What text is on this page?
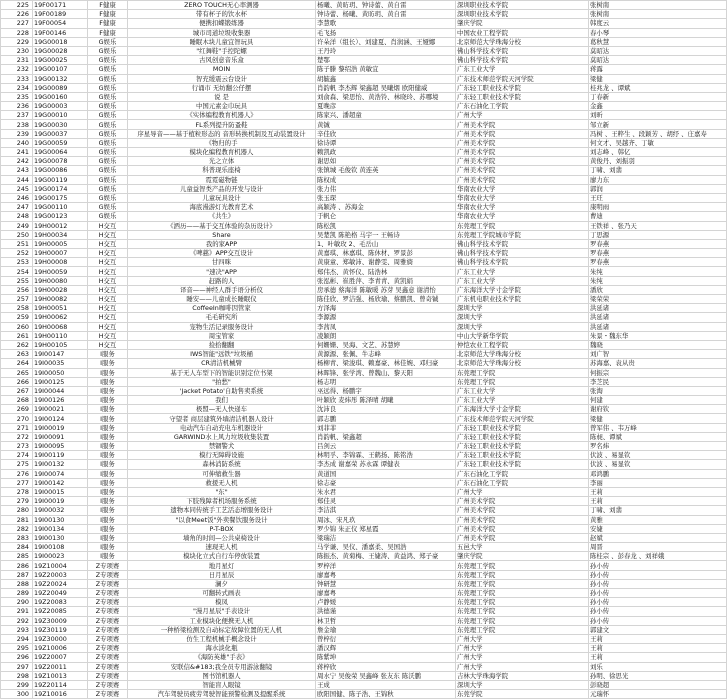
225	19F00171	F健康	ZERO TOUCH无心率测器	杨曦、黄昉玥、钟诗蕾、黄自雷	深圳职业技术学院	张树南
226	19F00189	F健康	带有杯子的饮水杯	钟诗蕾、杨曦、黄昉玥、黄自雷	深圳职业技术学院	张树南
227	19F00054	F健康	便携扣蝶锻练器	李慧歌	肇庆学院	韩度云
228	19F00146	F健康	城市司道垃圾收集器	毛飞扬	中国农业工程学院	春小琴
229	19G00018	G娱乐	睡眠木块儿童宜智玩具	许朵洋（组长）、刘建夏、肖润涵、王娅娜	北京师范大学珠海分校	葛秋慧
230	19G00028	G娱乐	"红舞鞋"手控陀螺	王丹玲	佛山科学技术学院	莫昭达
231	19G00025	G娱乐	古风创意音乐盒	楚鄂	佛山科学技术学院	莫昭达
232	19G00107	G娱乐	MOIN	陈子滕 黎绍浩 黄敏宜	广东工业大学	蒋露
233	19G00132	G娱乐	智充缓震云台设计	胡毓鑫	广东技术师范学院天河学院	梁健
234	19G00089	G娱乐	行诵市 无纺翻公仔摆	肖韵帆 李杰辉 梁鑫超 吴曦烟 欧阳健威	广东轻工职业技术学院	桂兆龙 、谭斌
235	19G00160	G娱乐	说 是	刘俞森、梁思怡、黄浩铃、林晓玲、苏哪境	广东轻工职业技术学院	丁春新
236	19G00003	G娱乐	中国元素金巾玩具	夏晚彦	广东石油化工学院	金鑫
237	19G00010	G娱乐	《实体编程教育机器人》	陈家兴、潘超童	广州大学	刘昕
238	19G00030	G娱乐	FL系列提升防蚤鞋	黄铖	广州美术学院	邹立新
239	19G00037	G娱乐	序星导音——基于植粒形态的 音形转换机制及互动装置设计	辛佳欣	广州美术学院	冯树 、王粹生 、段颖芳 、胡纾 、庄嘉寿
240	19G00059	G娱乐	《物归的手	徐诗谭	广州美术学院	何文才、吴越齐、丁敏
241	19G00064	G娱乐	模块化编程教育机器人	赖凯政	广州美术学院	刘志峰 、韩亿
242	19G00078	G娱乐	光之立体	谢思如	广州美术学院	黄俊丹、刘振羽
243	19G00086	G娱乐	科普现乐座椅	张镇城 毛俊钦 黄连英	广州美术学院	丁啸、刘翡
244	19G00119	G娱乐	霓霓磁物链	陈权成	广州美术学院	廖力东
245	19G00174	G娱乐	儿童益智类产品的开发与设计	张力伟	华南农业大学	郭润
246	19G00175	G娱乐	儿童玩具设计	张玉琛	华南农业大学	王玨
247	19G00110	G娱乐	海底漫游灯光教育艺术	高颖涛 、苏海金	华南农业大学	康明雨
248	19G00123	G娱乐	《共生》	于帆仑	华南农业大学	曹迪
249	19H00012	H交互	《洒历——基于交互体验的杂历设计》	陈松凯	东莞理工学院	王铁祥 、张乃天
250	19H00034	H交互	Share	吴楚凯 陈艳格 马宇一 王畅诗	东莞理工学院城市学院	丁思源
251	19H00005	H交互	我的家APP	1、叶敏玫 2、毛岳山	佛山科学技术学院	罗春燕
252	19H00007	H交互	《啤慈》APP交互设计	黄嘉琪、林嘉琪、陈休材、罗景彭	佛山科学技术学院	罗春燕
253	19H00008	H交互	甘四咪	黄康童、郑敏沛、谢静雯、周雅旖	佛山科学技术学院	罗春燕
254	19H00059	H交互	"速决"APP	郑伟杰、黄怀仪、陆浩林	广东工业大学	朱纯
255	19H00080	H交互	赶路的人	张泓彬、崔胜萍、李青青、黄凯娟	广东工业大学	朱纯
256	19H00028	H交互	译音——神经人群手语分析仪	房承德 蔡海洋 陈敏暖 苏芽 吴鑫意 谢清怡	广东海洋大学寸金学院	潘欣
257	19H00082	H交互	睡安——儿童成长睡眠仪	陈佳欣、罗洁强、杨欣瑜、蔡鹏凯、曾奇铖	广东机电职业技术学院	梁荣荣
258	19H00051	H交互	CoffeeIn咖啡因管家	方泽海	深圳大学	洪延诸
259	19H00062	H交互	毛毛研究所	李源源	深圳大学	洪延诸
260	19H00068	H交互	宠物生活记录服务设计	李茜凤	深圳大学	洪延诸
261	19H00110	H交互	周宝管家	凌颖朗	中山大学新华学院	朱景・魏东华
262	19H00105	H交互	捡拾翻翻	何姗姗、吴海、文艺、苏慧婷	仲恺农业工程学院	魏晓
263	19I00147	I服务	IWS智能"远铁"垃圾桶	黄源源、张佩、牛志峰	北京师范大学珠海分校	刘广智
264	19I00035	I服务	CR清洁机械臂	杨柳青、梁浚琪、赖嘉豪、林佳婉、邓归豪	北京师范大学珠海分校	苏海嘉、袁从贵
265	19I00050	I服务	基于无人车型下的智能识别定位书架	林晖锋、张学湾、曾魏山、黎天阳	东莞理工学院	何振宗
266	19I00125	I服务	"拍愁"	杨志明	东莞理工学院	李芝民
267	19I00044	I服务	'Jacket Potato'自助售卖系统	巫远得、杨鹏宇	广东工业大学	张淘
268	19I00126	I服务	我们	叶颖欣 麦炜彤 陈泽晴 胡曦	广东工业大学	何建
269	19I00021	I服务	极盟—无人快递车	沈沛良	广东海洋大学寸金学院	谢府钦
270	19I00124	I服务	守望者 商层建筑外墙清洁机器人设计	郭志鹏	广东技术师范学院天河学院	梁健
271	19I00019	I服务	电动汽车自动充电车机器设计	刘菲菲	广东轻工职业技术学院	曾军伟 、韦万峰
272	19I00091	I服务	GARWIND水上风力垃圾收集装置	肖韵帆、梁鑫超	广东轻工职业技术学院	陈昶、谭斌
273	19I00095	I服务	禁锢警犬	吕剑云	广东轻工职业技术学院	罗名炜
274	19I00119	I服务	模行无障碍设施	林明孚、李锦霖、王鹤扬、陈铭浩	广东轻工职业技术学院	伏波 、易显钦
275	19I00132	I服务	森林消防系统	李杰成 谢嘉荣 苏永霖 谭健表	广东轻工职业技术学院	伏波 、易显钦
276	19I00074	I服务	可伸缩救生器	黄道国	广东石油化工学院	邓鸿鹏
277	19I00142	I服务	救援无人机	徐志豪	广东石油化工学院	李丽
278	19I00015	I服务	"东"	朱水君	广州大学	王莉
279	19I00019	I服务	下肢残障者机场服务系统	郑佳灵	广州美术学院	王莉
280	19I00032	I服务	遗物本同传统手工艺活态增服务设计	李洁淇	广州美术学院	丁啸、刘翡
281	19I00130	I服务	"以食Meet饭"外卖餐饮服务设计	周冰、宋凡玖	广州美术学院	黄雅
282	19I00134	I服务	P-T-BOX	罗少锦 朱正仪 郑星霞	广州美术学院	安婕
283	19I00130	I服务	墙角的时间—公共桌椅设计	梁瑞洁	广州美术学院	赵斌
284	19I00108	I服务	速现无人机	马学谦、吴仪、潘嘉柔、吴国浩	五邑大学	周晋
285	19I00023	I服务	模块化立式自行车停放装置	陈振杰、黄菊梅、王婕涛、黄益鸿、郑子豪	肇庆学院	陈桂宗 、彭春龙 、刘祥娥
286	19Z10004	Z专项赛	地月星灯	罗梓洋	东莞理工学院	孙小传
287	19Z20003	Z专项赛	日月星辰	廖嘉粤	东莞理工学院	孙小传
288	19Z20024	Z专项赛	澜夕	钟研慧	东莞理工学院	孙小传
289	19Z20049	Z专项赛	可翻转式画表	廖嘉粤	东莞理工学院	孙小传
290	19Z20083	Z专项赛	模凤	卢静媛	东莞理工学院	孙小传
291	19Z20085	Z专项赛	"漫月星辰"手表设计	洪德谨	东莞理工学院	孙小传
292	19Z30009	Z专项赛	工业模块化便携无人机	林卫哲	东莞理工学院	孙小传
293	19Z30119	Z专项赛	一种桥梁检测及自动标定故障位置的无人机	詹金瑜	东莞理工学院	郭建文
294	19Z30000	Z专项赛	仿生工程机械手概念设计	曾梓衍	广州大学	王莉
295	19Z10006	Z专项赛	海水淡化瓶	潘汉辉	广州大学	王莉
296	19Z20007	Z专项赛	《海防英雄"手表》	陈紫坤	广州大学	王莉
297	19Z20011	Z专项赛	安联信&#183;我全员专用游泳翻镜	蒋梓欣	广州大学	刘乐
298	19Z10013	Z专项赛	图书馆机器人	周水宁 吴俊荣 吴鑫峰 张友东 陈沃鹏	吉林大学珠海学院	孙明、徐思光
299	19Z20114	Z专项赛	智能盲人眼镜	王成	深圳大学	彭晓超
300	19Z10016	Z专项赛	汽车驾驶员疲劳驾驶智能预警检测及提醒系统	欧阳国健、陈子浩、王锦秋	东莞学院	元瑞怀
